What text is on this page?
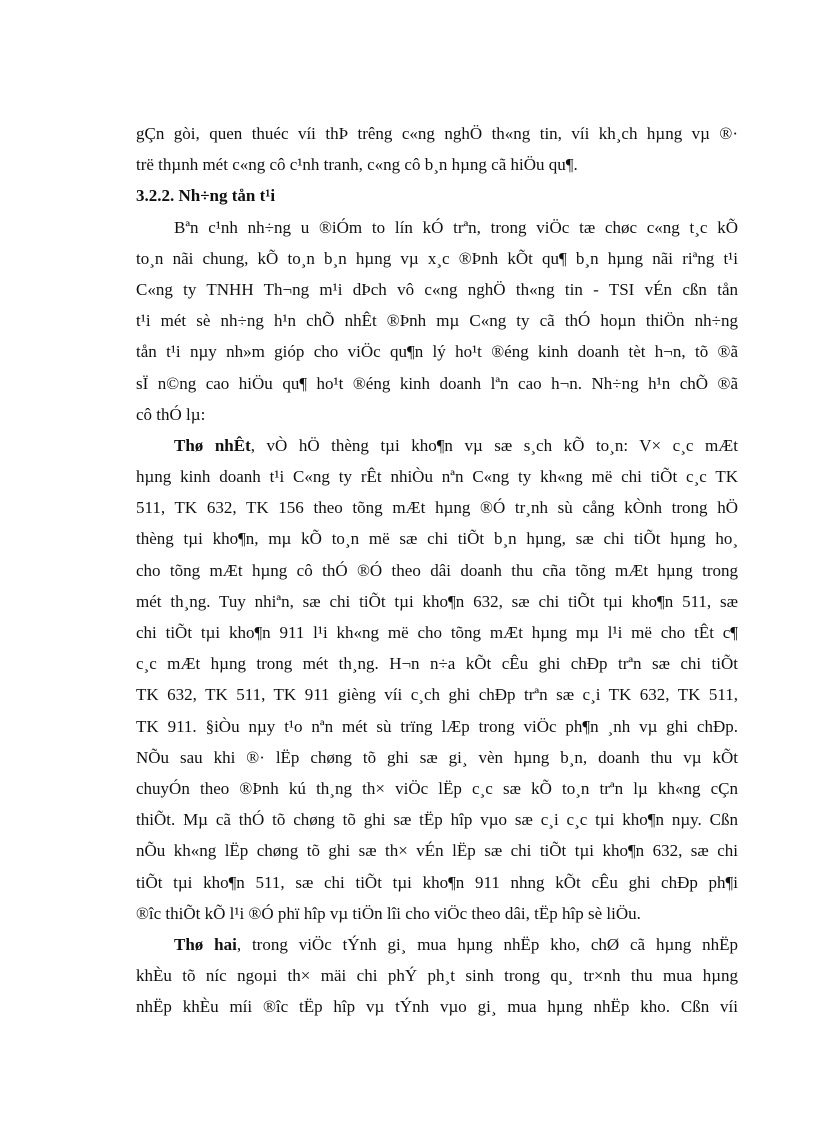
gÇn gòi, quen thuéc víi thÞ trêng c«ng nghÖ th«ng tin, víi kh¸ch hµng vµ ®·
trë thµnh mét c«ng cô c¹nh tranh, c«ng cô b¸n hµng cã hiÖu qu¶.
3.2.2. Nh÷ng tån t¹i
Bªn c¹nh nh÷ng u ®iÓm to lín kÓ trªn, trong viÖc tæ chøc c«ng t¸c kÕ
to¸n nãi chung, kÕ to¸n b¸n hµng vµ x¸c ®Þnh kÕt qu¶ b¸n hµng nãi riªng t¹i
C«ng ty TNHH Th¬ng m¹i dÞch vô c«ng nghÖ th«ng tin - TSI vÉn cßn tån
t¹i mét sè nh÷ng h¹n chÕ nhÊt ®Þnh mµ C«ng ty cã thÓ hoµn thiÖn nh÷ng
tån t¹i nµy nh»m gióp cho viÖc qu¶n lý ho¹t ®éng kinh doanh tèt h¬n, tõ ®ã
sÏ n©ng cao hiÖu qu¶ ho¹t ®éng kinh doanh lªn cao h¬n. Nh÷ng h¹n chÕ ®ã
cô thÓ lµ:
Thø nhÊt, vÒ hÖ thèng tµi kho¶n vµ sæ s¸ch kÕ to¸n: V× c¸c mÆt
hµng kinh doanh t¹i C«ng ty rÊt nhiÒu nªn C«ng ty kh«ng më chi tiÕt c¸c TK
511, TK 632, TK 156 theo tõng mÆt hµng ®Ó tr¸nh sù cång kÒnh trong hÖ
thèng tµi kho¶n, mµ kÕ to¸n më sæ chi tiÕt b¸n hµng, sæ chi tiÕt hµng ho¸
cho tõng mÆt hµng cô thÓ ®Ó theo dâi doanh thu cña tõng mÆt hµng trong
mét th¸ng. Tuy nhiªn, sæ chi tiÕt tµi kho¶n 632, sæ chi tiÕt tµi kho¶n 511, sæ
chi tiÕt tµi kho¶n 911 l¹i kh«ng më cho tõng mÆt hµng mµ l¹i më cho tÊt c¶
c¸c mÆt hµng trong mét th¸ng. H¬n n÷a kÕt cÊu ghi chÐp trªn sæ chi tiÕt
TK 632, TK 511, TK 911 gièng víi c¸ch ghi chÐp trªn sæ c¸i TK 632, TK 511,
TK 911. §iÒu nµy t¹o nªn mét sù trïng lÆp trong viÖc ph¶n ¸nh vµ ghi chÐp.
NÕu sau khi ®· lËp chøng tõ ghi sæ gi¸ vèn hµng b¸n, doanh thu vµ kÕt
chuyÓn theo ®Þnh kú th¸ng th× viÖc lËp c¸c sæ kÕ to¸n trªn lµ kh«ng cÇn
thiÕt. Mµ cã thÓ tõ chøng tõ ghi sæ tËp hîp vµo sæ c¸i c¸c tµi kho¶n nµy. Cßn
nÕu kh«ng lËp chøng tõ ghi sæ th× vÉn lËp sæ chi tiÕt tµi kho¶n 632, sæ chi
tiÕt tµi kho¶n 511, sæ chi tiÕt tµi kho¶n 911 nhng kÕt cÊu ghi chÐp ph¶i
®îc thiÕt kÕ l¹i ®Ó phï hîp vµ tiÖn lîi cho viÖc theo dâi, tËp hîp sè liÖu.
Thø hai, trong viÖc tÝnh gi¸ mua hµng nhËp kho, chØ cã hµng nhËp
khÈu tõ níc ngoµi th× mäi chi phÝ ph¸t sinh trong qu¸ tr×nh thu mua hµng
nhËp khÈu míi ®îc tËp hîp vµ tÝnh vµo gi¸ mua hµng nhËp kho. Cßn víi
